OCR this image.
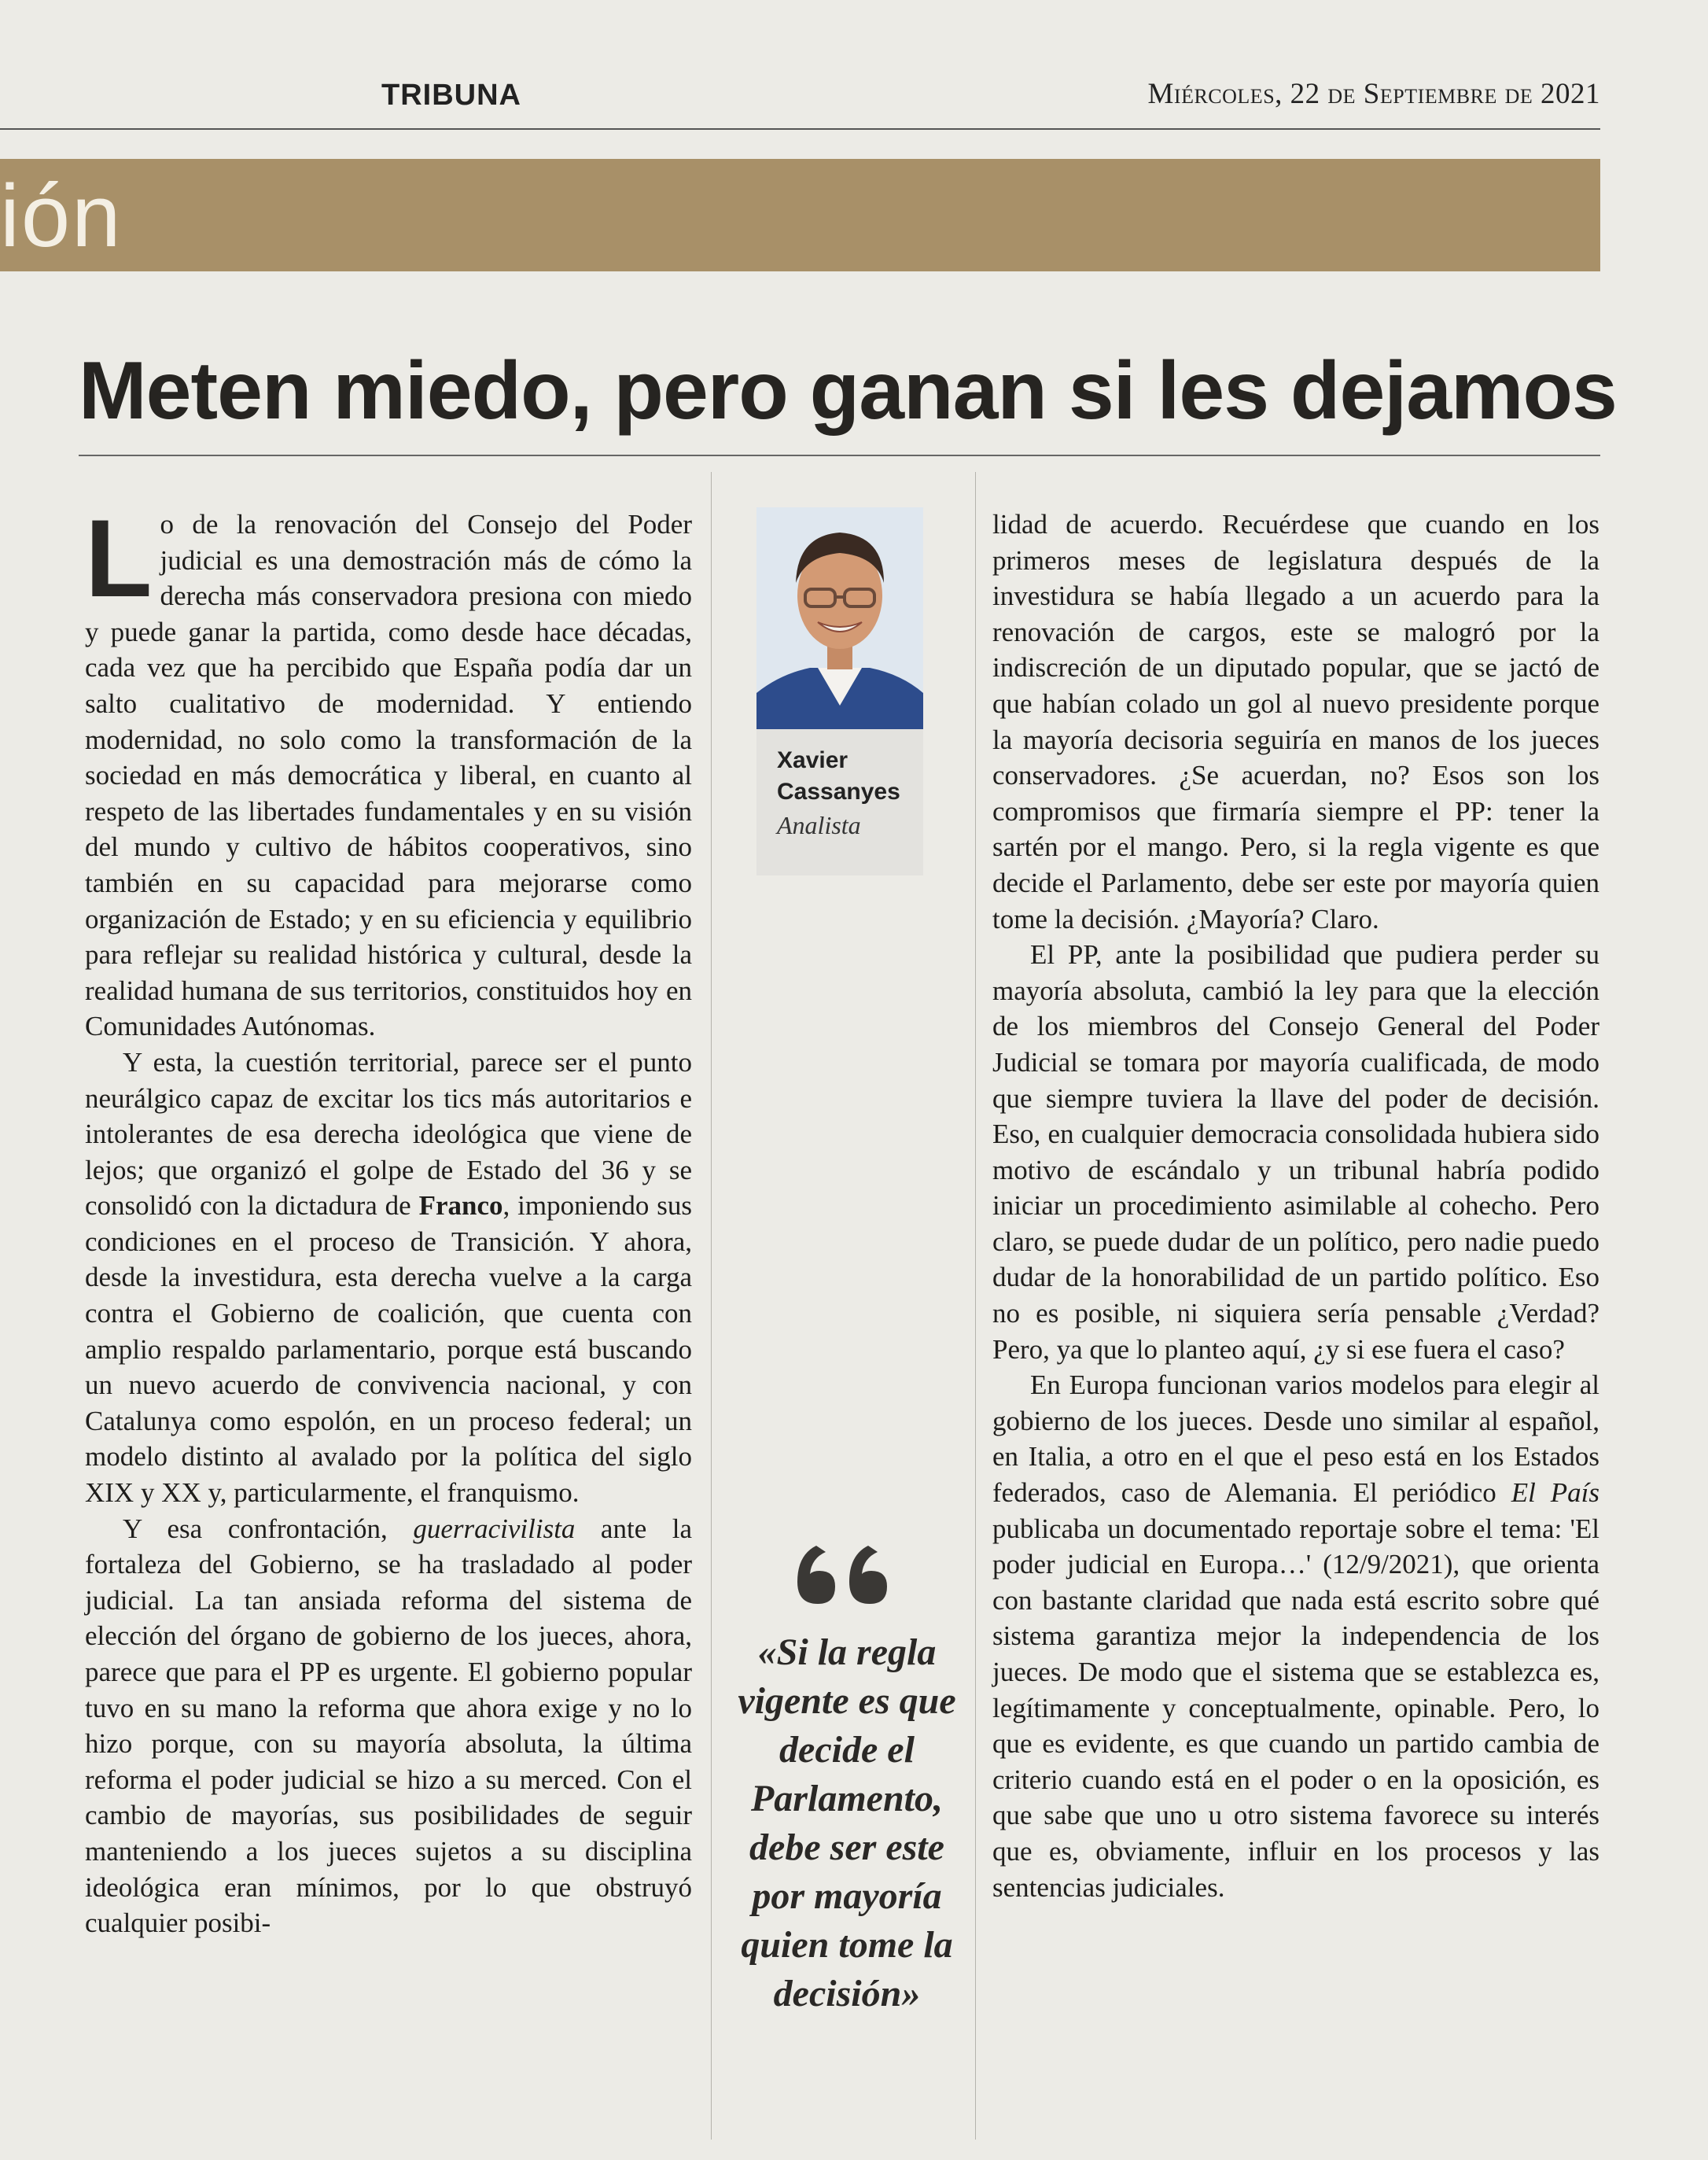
Miércoles, 22 de Septiembre de 2021
TRIBUNA
ión
Meten miedo, pero ganan si les dejamos

Lo de la renovación del Consejo del Poder judicial es una demostración más de cómo la derecha más conservadora presiona con miedo y puede ganar la partida, como desde hace décadas, cada vez que ha percibido que España podía dar un salto cualitativo de modernidad. Y entiendo modernidad, no solo como la transformación de la sociedad en más democrática y liberal, en cuanto al respeto de las libertades fundamentales y en su visión del mundo y cultivo de hábitos cooperativos, sino también en su capacidad para mejorarse como organización de Estado; y en su eficiencia y equilibrio para reflejar su realidad histórica y cultural, desde la realidad humana de sus territorios, constituidos hoy en Comunidades Autónomas.

Y esta, la cuestión territorial, parece ser el punto neurálgico capaz de excitar los tics más autoritarios e intolerantes de esa derecha ideológica que viene de lejos; que organizó el golpe de Estado del 36 y se consolidó con la dictadura de Franco, imponiendo sus condiciones en el proceso de Transición. Y ahora, desde la investidura, esta derecha vuelve a la carga contra el Gobierno de coalición, que cuenta con amplio respaldo parlamentario, porque está buscando un nuevo acuerdo de convivencia nacional, y con Catalunya como espolón, en un proceso federal; un modelo distinto al avalado por la política del siglo XIX y XX y, particularmente, el franquismo.

Y esa confrontación, guerracivilista ante la fortaleza del Gobierno, se ha trasladado al poder judicial. La tan ansiada reforma del sistema de elección del órgano de gobierno de los jueces, ahora, parece que para el PP es urgente. El gobierno popular tuvo en su mano la reforma que ahora exige y no lo hizo porque, con su mayoría absoluta, la última reforma el poder judicial se hizo a su merced. Con el cambio de mayorías, sus posibilidades de seguir manteniendo a los jueces sujetos a su disciplina ideológica eran mínimos, por lo que obstruyó cualquier posibi-

Xavier
Cassanyes
Analista
«Si la regla vigente es que decide el Parlamento, debe ser este por mayoría quien tome la decisión»

lidad de acuerdo. Recuérdese que cuando en los primeros meses de legislatura después de la investidura se había llegado a un acuerdo para la renovación de cargos, este se malogró por la indiscreción de un diputado popular, que se jactó de que habían colado un gol al nuevo presidente porque la mayoría decisoria seguiría en manos de los jueces conservadores. ¿Se acuerdan, no? Esos son los compromisos que firmaría siempre el PP: tener la sartén por el mango. Pero, si la regla vigente es que decide el Parlamento, debe ser este por mayoría quien tome la decisión. ¿Mayoría? Claro.

El PP, ante la posibilidad que pudiera perder su mayoría absoluta, cambió la ley para que la elección de los miembros del Consejo General del Poder Judicial se tomara por mayoría cualificada, de modo que siempre tuviera la llave del poder de decisión. Eso, en cualquier democracia consolidada hubiera sido motivo de escándalo y un tribunal habría podido iniciar un procedimiento asimilable al cohecho. Pero claro, se puede dudar de un político, pero nadie puedo dudar de la honorabilidad de un partido político. Eso no es posible, ni siquiera sería pensable ¿Verdad? Pero, ya que lo planteo aquí, ¿y si ese fuera el caso?

En Europa funcionan varios modelos para elegir al gobierno de los jueces. Desde uno similar al español, en Italia, a otro en el que el peso está en los Estados federados, caso de Alemania. El periódico El País publicaba un documentado reportaje sobre el tema: 'El poder judicial en Europa…' (12/9/2021), que orienta con bastante claridad que nada está escrito sobre qué sistema garantiza mejor la independencia de los jueces. De modo que el sistema que se establezca es, legítimamente y conceptualmente, opinable. Pero, lo que es evidente, es que cuando un partido cambia de criterio cuando está en el poder o en la oposición, es que sabe que uno u otro sistema favorece su interés que es, obviamente, influir en los procesos y las sentencias judiciales.
